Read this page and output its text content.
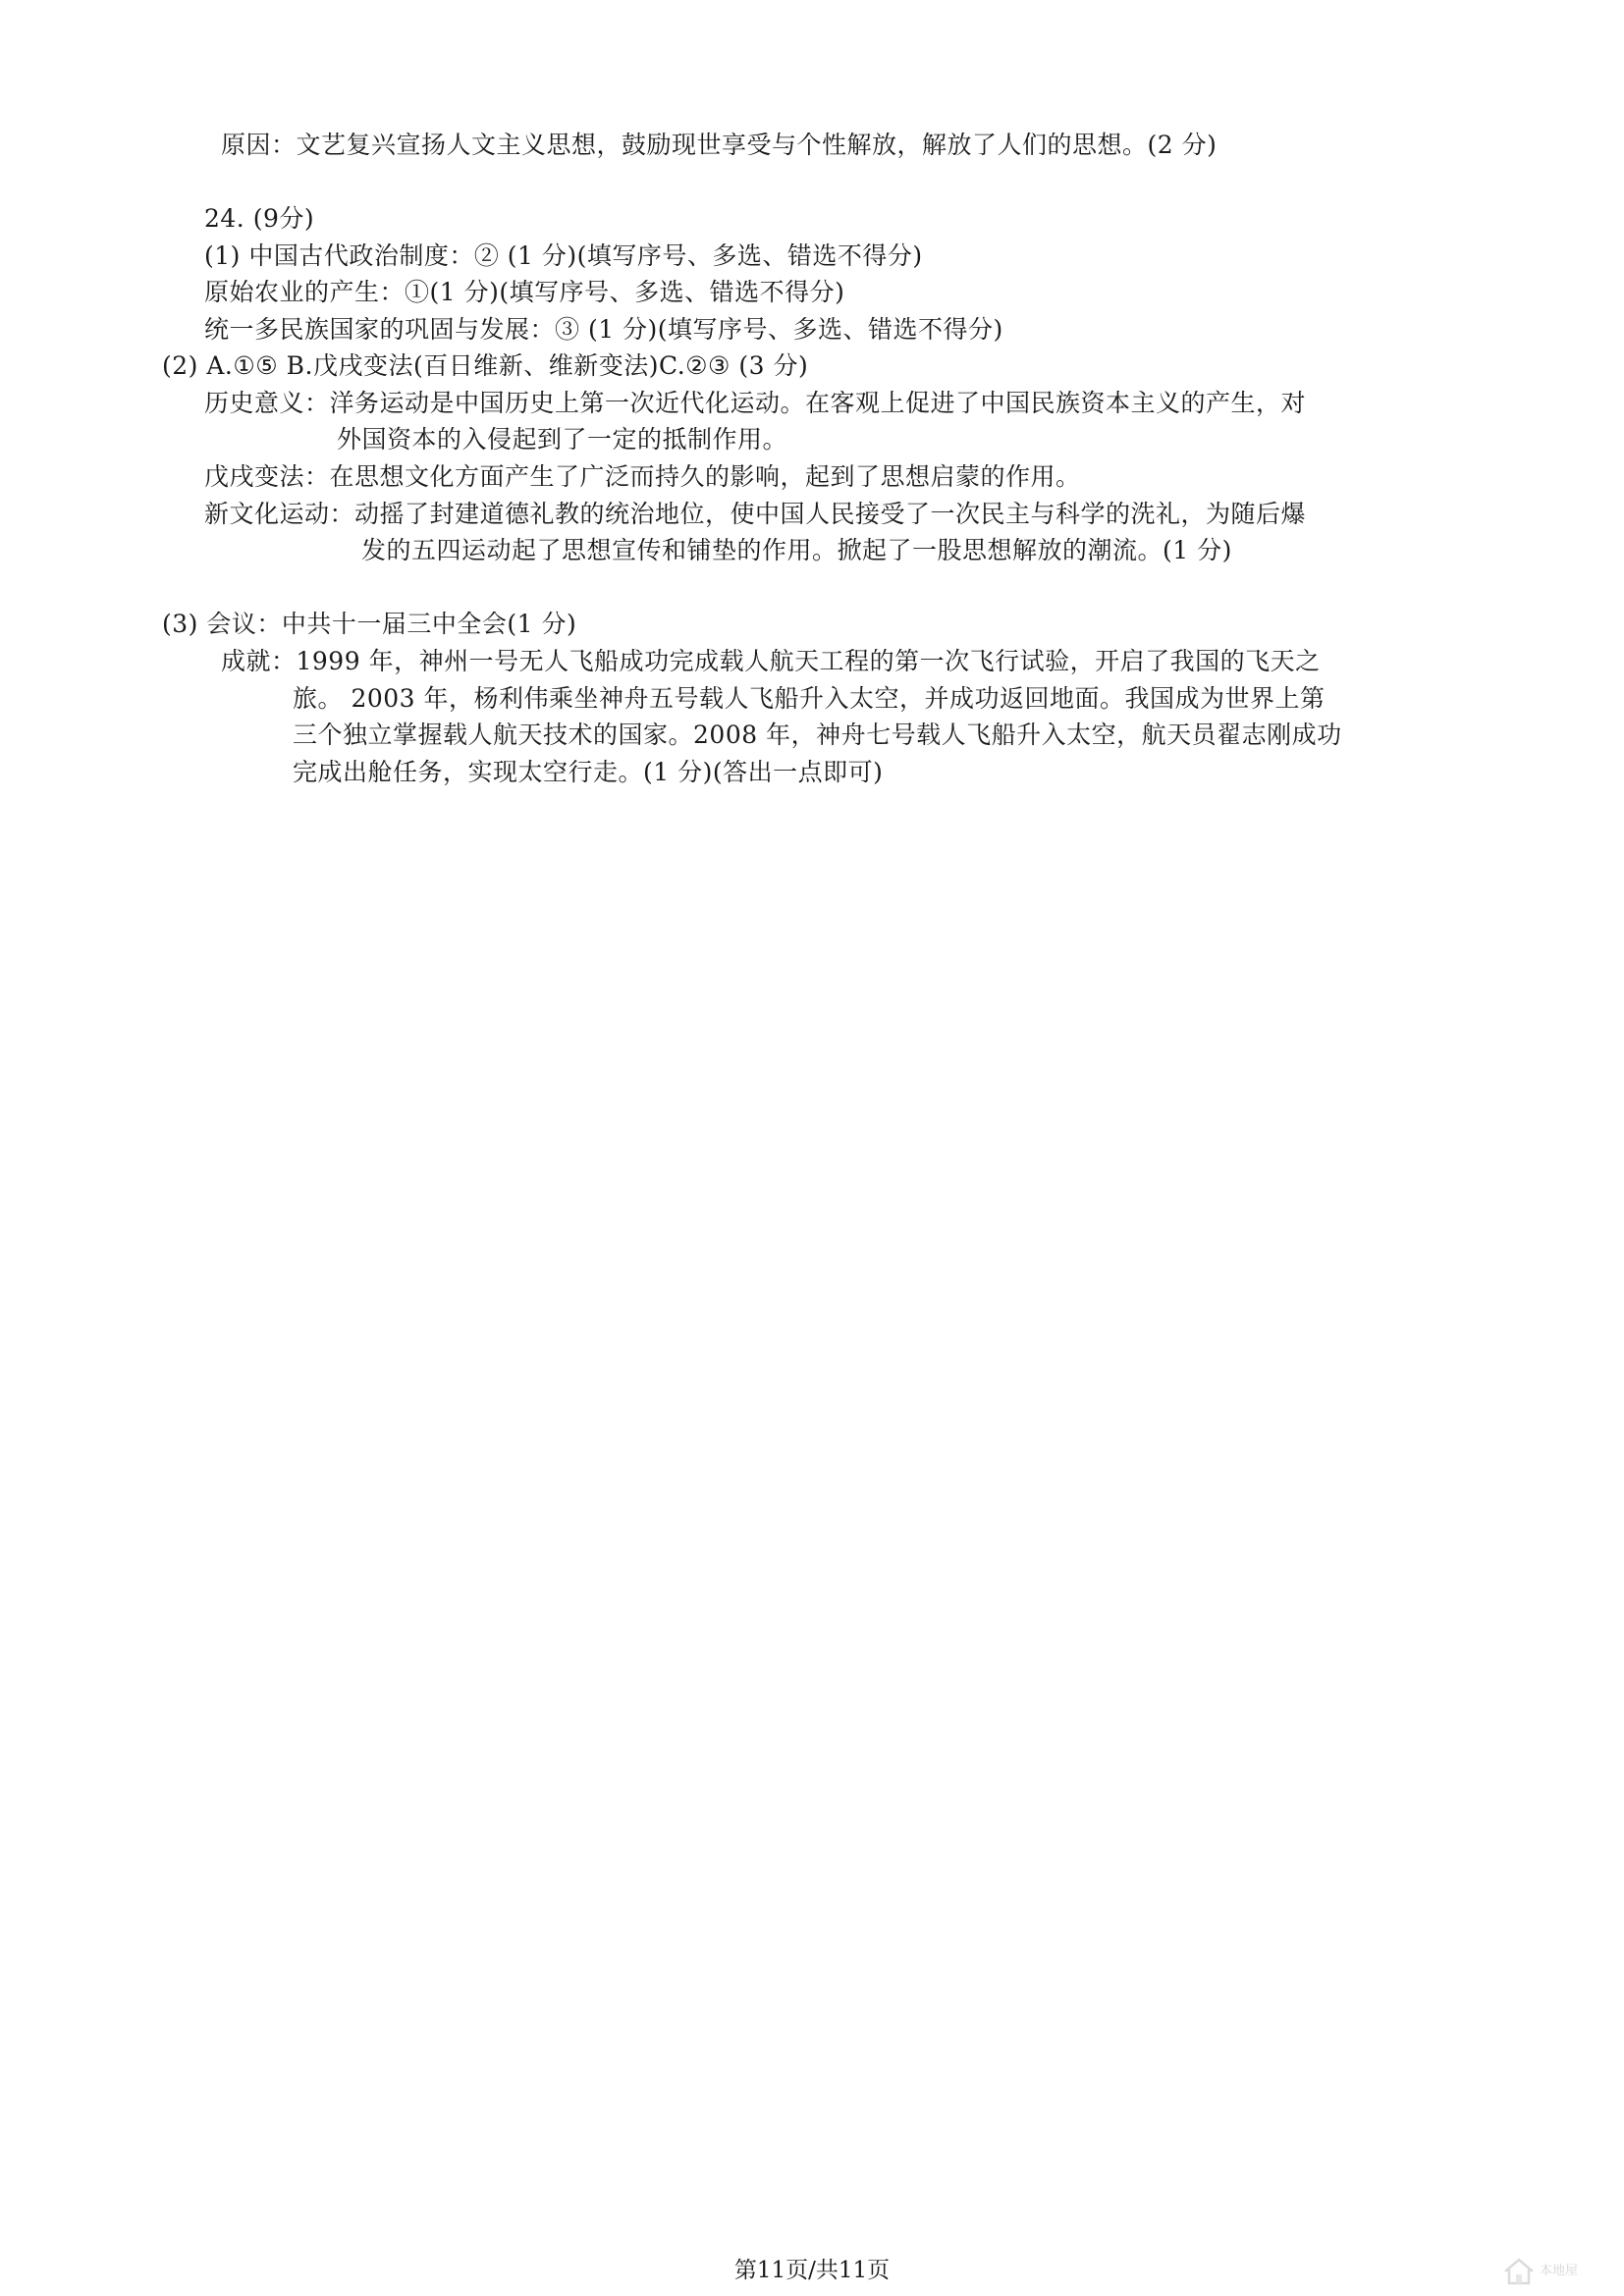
原因：文艺复兴宣扬人文主义思想，鼓励现世享受与个性解放，解放了人们的思想。(2 分)
24. (9分)
(1) 中国古代政治制度：② (1 分)(填写序号、多选、错选不得分)
原始农业的产生：①(1 分)(填写序号、多选、错选不得分)
统一多民族国家的巩固与发展：③ (1 分)(填写序号、多选、错选不得分)
(2) A.①⑤ B.戊戌变法(百日维新、维新变法)C.②③ (3 分)
历史意义：洋务运动是中国历史上第一次近代化运动。在客观上促进了中国民族资本主义的产生，对
外国资本的入侵起到了一定的抵制作用。
戊戌变法：在思想文化方面产生了广泛而持久的影响，起到了思想启蒙的作用。
新文化运动：动摇了封建道德礼教的统治地位，使中国人民接受了一次民主与科学的洗礼，为随后爆
发的五四运动起了思想宣传和铺垫的作用。掀起了一股思想解放的潮流。(1 分)
(3) 会议：中共十一届三中全会(1 分)
成就：1999 年，神州一号无人飞船成功完成载人航天工程的第一次飞行试验，开启了我国的飞天之
旅。 2003 年，杨利伟乘坐神舟五号载人飞船升入太空，并成功返回地面。我国成为世界上第
三个独立掌握载人航天技术的国家。2008 年，神舟七号载人飞船升入太空，航天员翟志刚成功
完成出舱任务，实现太空行走。(1 分)(答出一点即可)
第11页/共11页	本地屋
